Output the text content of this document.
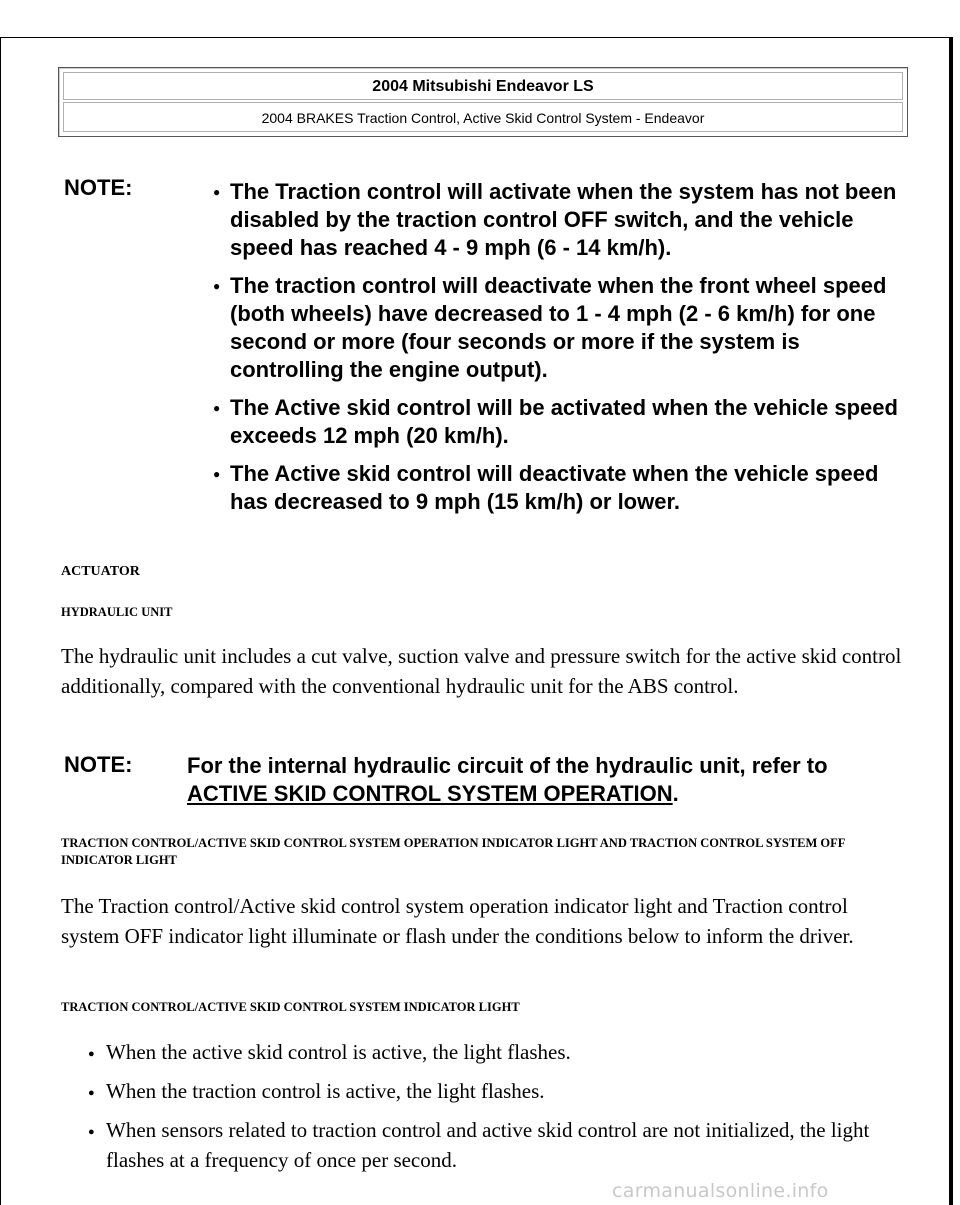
2004 Mitsubishi Endeavor LS
2004 BRAKES Traction Control, Active Skid Control System - Endeavor
NOTE:
●	The Traction control will activate when the system has not been disabled by the traction control OFF switch, and the vehicle speed has reached 4 - 9 mph (6 - 14 km/h).
● The traction control will deactivate when the front wheel speed (both wheels) have decreased to 1 - 4 mph (2 - 6 km/h) for one second or more (four seconds or more if the system is controlling the engine output).
● The Active skid control will be activated when the vehicle speed exceeds 12 mph (20 km/h).
● The Active skid control will deactivate when the vehicle speed has decreased to 9 mph (15 km/h) or lower.
ACTUATOR
HYDRAULIC UNIT

The hydraulic unit includes a cut valve, suction valve and pressure switch for the active skid control additionally, compared with the conventional hydraulic unit for the ABS control.

NOTE: For the internal hydraulic circuit of the hydraulic unit, refer to ACTIVE SKID CONTROL SYSTEM OPERATION.
TRACTION CONTROL/ACTIVE SKID CONTROL SYSTEM OPERATION INDICATOR LIGHT AND TRACTION CONTROL SYSTEM OFF INDICATOR LIGHT

The Traction control/Active skid control system operation indicator light and Traction control system OFF indicator light illuminate or flash under the conditions below to inform the driver.

TRACTION CONTROL/ACTIVE SKID CONTROL SYSTEM INDICATOR LIGHT
● When the active skid control is active, the light flashes.
● When the traction control is active, the light flashes.
● When sensors related to traction control and active skid control are not initialized, the light flashes at a frequency of once per second.
carmanualsonline.info
